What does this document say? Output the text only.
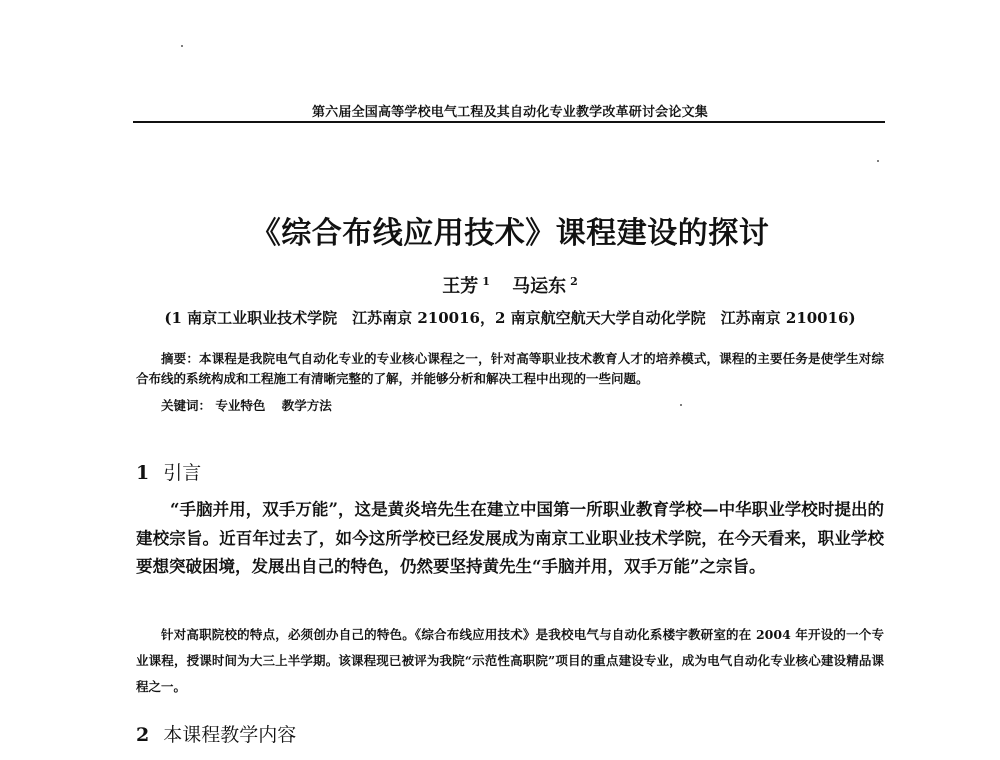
第六届全国高等学校电气工程及其自动化专业教学改革研讨会论文集
《综合布线应用技术》课程建设的探讨
王芳 $^1$ 马运东 $^2$
(1 南京工业职业技术学院　江苏南京 210016，2 南京航空航天大学自动化学院　江苏南京 210016)
摘要：本课程是我院电气自动化专业的专业核心课程之一，针对高等职业技术教育人才的培养模式，课程的主要任务是使学生对综合布线的系统构成和工程施工有清晰完整的了解，并能够分析和解决工程中出现的一些问题。
关键词： 专业特色 教学方法
1 引言
“手脑并用，双手万能”，这是黄炎培先生在建立中国第一所职业教育学校—中华职业学校时提出的建校宗旨。近百年过去了，如今这所学校已经发展成为南京工业职业技术学院，在今天看来，职业学校要想突破困境，发展出自己的特色，仍然要坚持黄先生“手脑并用，双手万能”之宗旨。
针对高职院校的特点，必须创办自己的特色。《综合布线应用技术》是我校电气与自动化系楼宇教研室的在 2004 年开设的一个专业课程，授课时间为大三上半学期。该课程现已被评为我院“示范性高职院”项目的重点建设专业，成为电气自动化专业核心建设精品课程之一。
2 本课程教学内容
